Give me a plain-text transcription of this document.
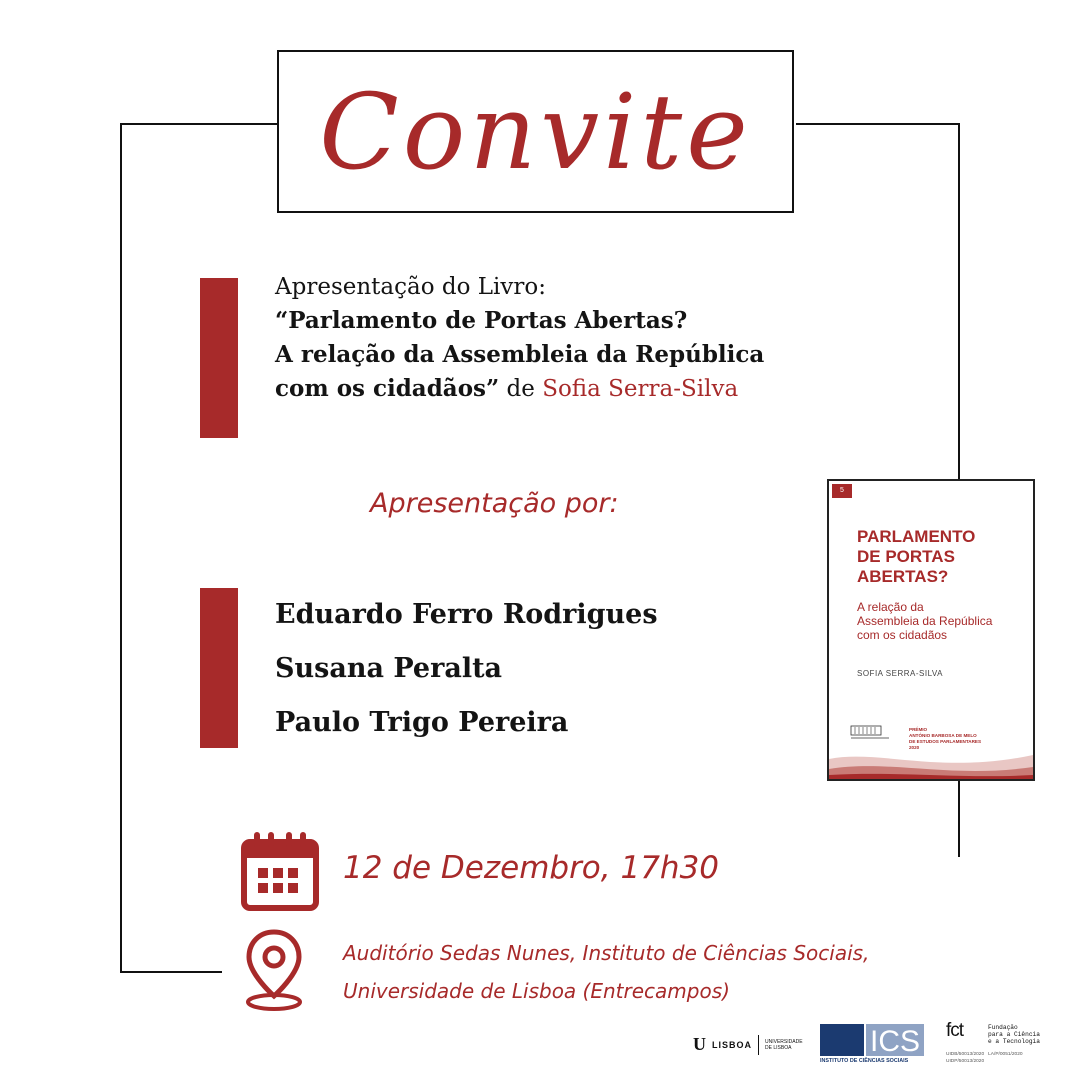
Convite
Apresentação do Livro:
“Parlamento de Portas Abertas?
A relação da Assembleia da República
com os cidadãos” de Sofia Serra-Silva
Apresentação por:
Eduardo Ferro Rodrigues
Susana Peralta
Paulo Trigo Pereira
5
PARLAMENTO
DE PORTAS
ABERTAS?
A relação da
Assembleia da República
com os cidadãos
SOFIA SERRA-SILVA
PRÉMIO
ANTÓNIO BARBOSA DE MELO
DE ESTUDOS PARLAMENTARES
2020
12 de Dezembro, 17h30
Auditório Sedas Nunes, Instituto de Ciências Sociais,
Universidade de Lisboa (Entrecampos)
U LISBOA	UNIVERSIDADE
DE LISBOA	ICS
INSTITUTO DE CIÊNCIAS SOCIAIS
fct	Fundação
para a Ciência
e a Tecnologia
UIDB/50013/2020   LA/P/0051/2020
UIDP/50013/2020
